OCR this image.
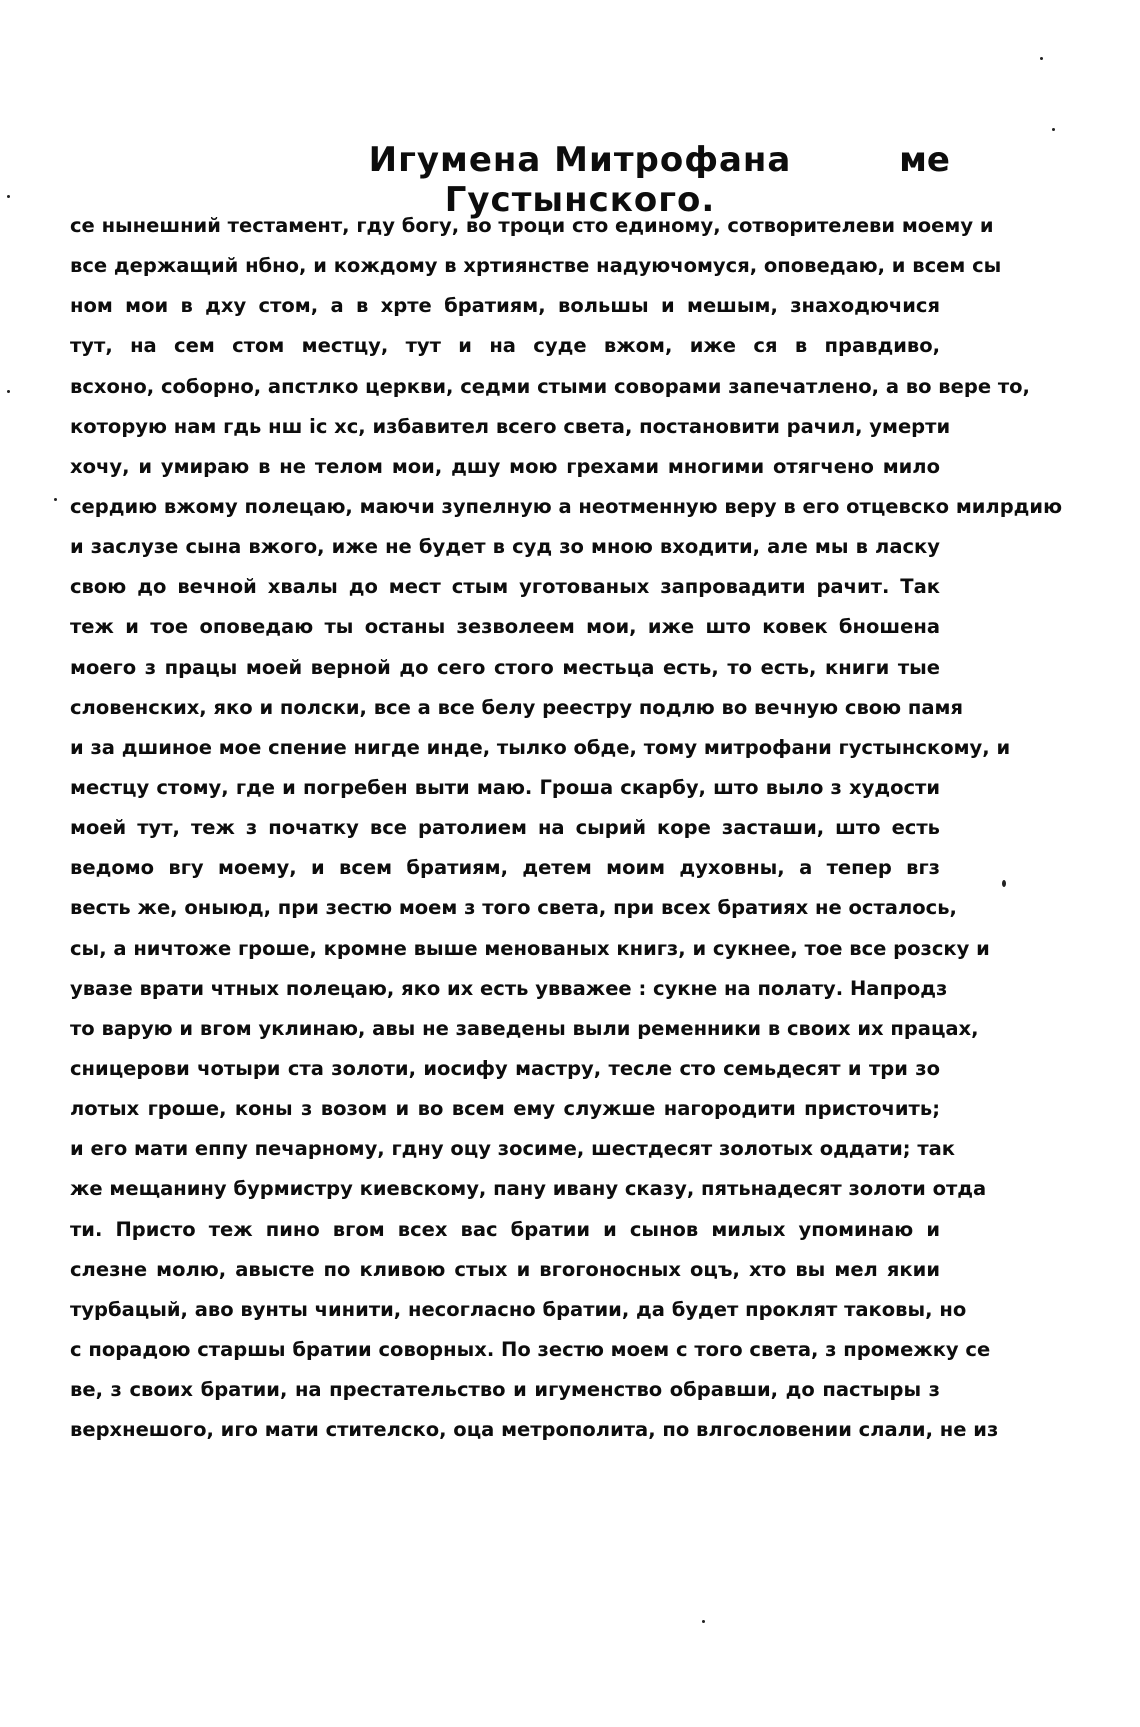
Игумена Митрофана Густынского.
ме
се нынешний тестамент, гдy богу, во троци сто единому, сотворителеви моему и
все держащий нбно, и кождому в хртиянстве надуючомуся, оповедаю, и всем сы
ном мои в дху стом, а в хрте братиям, вольшы и мешым, знаходючися
тут, на сем стом местцу, тут и на суде вжом, иже ся в правдиво,
всхоно, соборно, апстлко церкви, седми стыми соворами запечатлено, а во вере то,
которую нам гдь нш іс хс, избавител всего света, постановити рачил, умерти
хочу, и умираю в не телом мои, дшу мою грехами многими отягчено мило
сердию вжому полецаю, маючи зупелную а неотменную веру в его отцевско милрдию
и заслузе сына вжого, иже не будет в суд зо мною входити, але мы в ласку
свою до вечной хвалы до мест стым уготованых запровадити рачит. Так
теж и тое оповедаю ты останы зезволеем мои, иже што ковек бношена
моего з працы моей верной до сего стого местьца есть, то есть, книги тые
словенских, яко и полски, все а все белу реестру подлю во вечную свою памя
и за дшиное мое спение нигде инде, тылко обде, тому митрофани густынскому, и
местцу стому, где и погребен выти маю. Гроша скарбу, што выло з худости
моей тут, теж з початку все ратолием на сырий коре засташи, што есть
ведомо вгу моему, и всем братиям, детем моим духовны, а тепер вгз
весть же, оныюд, при зестю моем з того света, при всех братиях не осталось,
сы, а ничтоже гроше, кромне выше менованых книгз, и сукнее, тое все розску и
увазе врати чтных полецаю, яко их есть увважее : сукне на полату. Напродз
то варую и вгом уклинаю, авы не заведены выли ременники в своих их працах,
сницерови чотыри ста золоти, иосифу мастру, тесле сто семьдесят и три зо
лотых гроше, коны з возом и во всем ему служше нагородити присточить;
и его мати еппу печарному, гдну оцу зосиме, шестдесят золотых оддати; так
же мещанину бурмистру киевскому, пану ивану сказу, пятьнадесят золоти отда
ти. Присто теж пино вгом всех вас братии и сынов милых упоминаю и
слезне молю, авысте по кливою стых и вгогоносных оцъ, хто вы мел якии
турбацый, аво вунты чинити, несогласно братии, да будет проклят таковы, но
с порадою старшы братии соворных. По зестю моем с того света, з промежку се
ве, з своих братии, на престательство и игуменство обравши, до пастыры з
верхнешого, иго мати стителско, оца метрополита, по влгословении слали, не из
